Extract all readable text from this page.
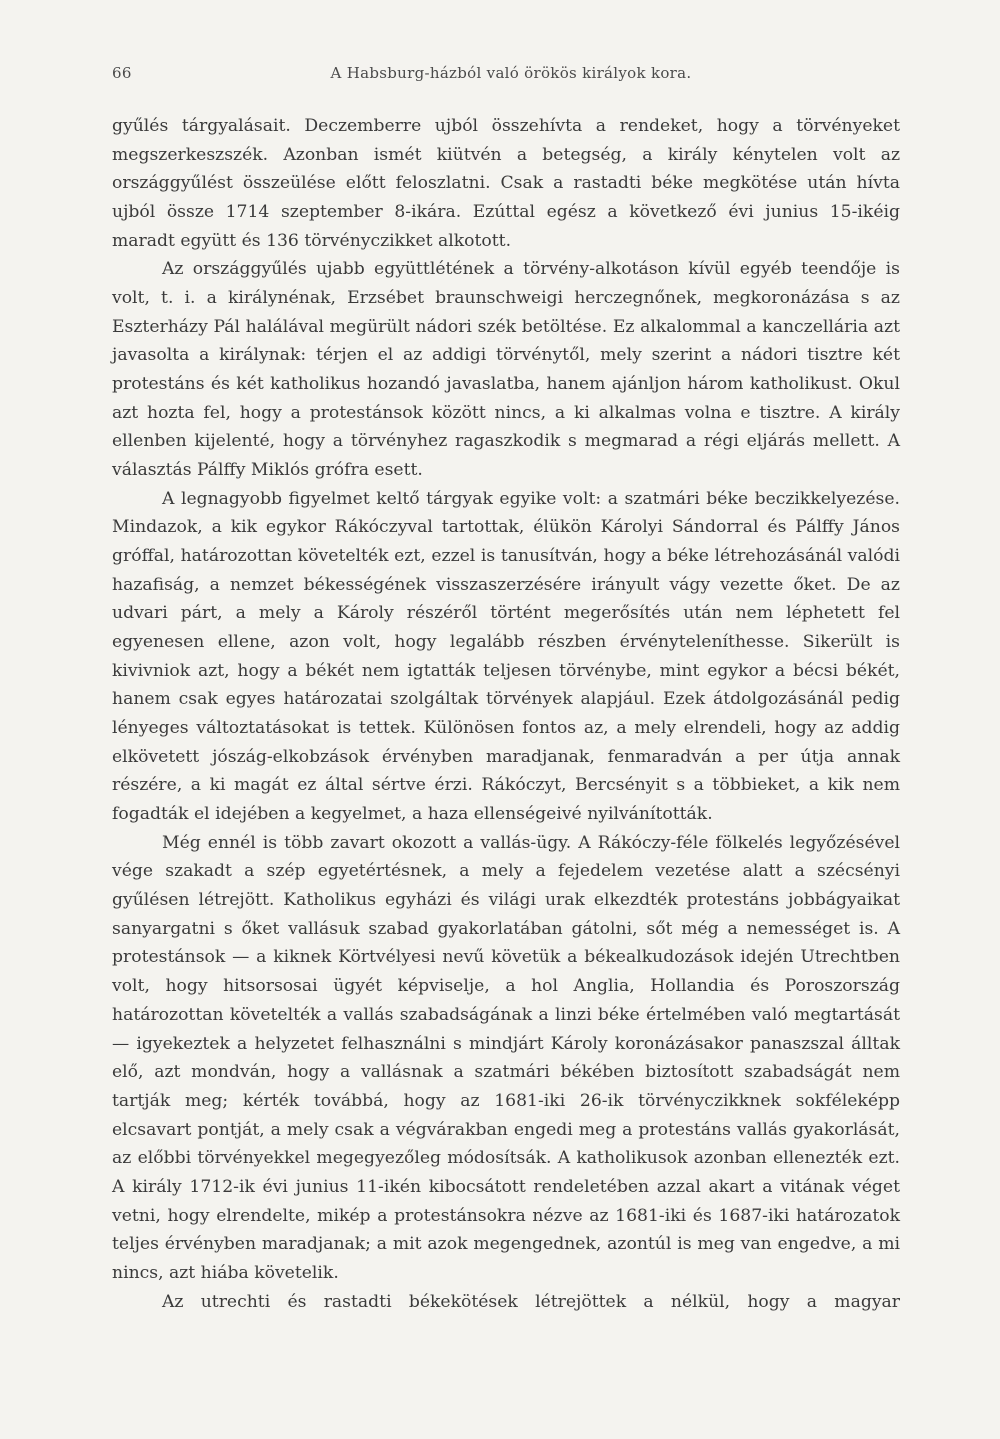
66	A Habsburg-házból való örökös királyok kora.

gyűlés tárgyalásait. Deczemberre ujból összehívta a rendeket, hogy a törvényeket megszerkeszszék. Azonban ismét kiütvén a betegség, a király kénytelen volt az országgyűlést összeülése előtt feloszlatni. Csak a rastadti béke megkötése után hívta ujból össze 1714 szeptember 8-ikára. Ezúttal egész a következő évi junius 15-ikéig maradt együtt és 136 törvényczikket alkotott.

Az országgyűlés ujabb együttlétének a törvény-alkotáson kívül egyéb teendője is volt, t. i. a királynénak, Erzsébet braunschweigi herczegnőnek, megkoronázása s az Eszterházy Pál halálával megürült nádori szék betöltése. Ez alkalommal a kanczellária azt javasolta a királynak: térjen el az addigi törvénytől, mely szerint a nádori tisztre két protestáns és két katholikus hozandó javaslatba, hanem ajánljon három katholikust. Okul azt hozta fel, hogy a protestánsok között nincs, a ki alkalmas volna e tisztre. A király ellenben kijelenté, hogy a törvényhez ragaszkodik s megmarad a régi eljárás mellett. A választás Pálffy Miklós grófra esett.

A legnagyobb figyelmet keltő tárgyak egyike volt: a szatmári béke beczikkelyezése. Mindazok, a kik egykor Rákóczyval tartottak, élükön Károlyi Sándorral és Pálffy János gróffal, határozottan követelték ezt, ezzel is tanusítván, hogy a béke létrehozásánál valódi hazafiság, a nemzet békességének visszaszerzésére irányult vágy vezette őket. De az udvari párt, a mely a Károly részéről történt megerősítés után nem léphetett fel egyenesen ellene, azon volt, hogy legalább részben érvényteleníthesse. Sikerült is kivivniok azt, hogy a békét nem igtatták teljesen törvénybe, mint egykor a bécsi békét, hanem csak egyes határozatai szolgáltak törvények alapjául. Ezek átdolgozásánál pedig lényeges változtatásokat is tettek. Különösen fontos az, a mely elrendeli, hogy az addig elkövetett jószág-elkobzások érvényben maradjanak, fenmaradván a per útja annak részére, a ki magát ez által sértve érzi. Rákóczyt, Bercsényit s a többieket, a kik nem fogadták el idejében a kegyelmet, a haza ellenségeivé nyilvánították.

Még ennél is több zavart okozott a vallás-ügy. A Rákóczy-féle fölkelés legyőzésével vége szakadt a szép egyetértésnek, a mely a fejedelem vezetése alatt a szécsényi gyűlésen létrejött. Katholikus egyházi és világi urak elkezdték protestáns jobbágyaikat sanyargatni s őket vallásuk szabad gyakorlatában gátolni, sőt még a nemességet is. A protestánsok — a kiknek Körtvélyesi nevű követük a békealkudozások idején Utrechtben volt, hogy hitsorsosai ügyét képviselje, a hol Anglia, Hollandia és Poroszország határozottan követelték a vallás szabadságának a linzi béke értelmében való megtartását — igyekeztek a helyzetet felhasználni s mindjárt Károly koronázásakor panaszszal álltak elő, azt mondván, hogy a vallásnak a szatmári békében biztosított szabadságát nem tartják meg; kérték továbbá, hogy az 1681-iki 26-ik törvényczikknek sokféleképp elcsavart pontját, a mely csak a végvárakban engedi meg a protestáns vallás gyakorlását, az előbbi törvényekkel megegyezőleg módosítsák. A katholikusok azonban ellenezték ezt. A király 1712-ik évi junius 11-ikén kibocsátott rendeletében azzal akart a vitának véget vetni, hogy elrendelte, mikép a protestánsokra nézve az 1681-iki és 1687-iki határozatok teljes érvényben maradjanak; a mit azok megengednek, azontúl is meg van engedve, a mi nincs, azt hiába követelik.

Az utrechti és rastadti békekötések létrejöttek a nélkül, hogy a magyar
